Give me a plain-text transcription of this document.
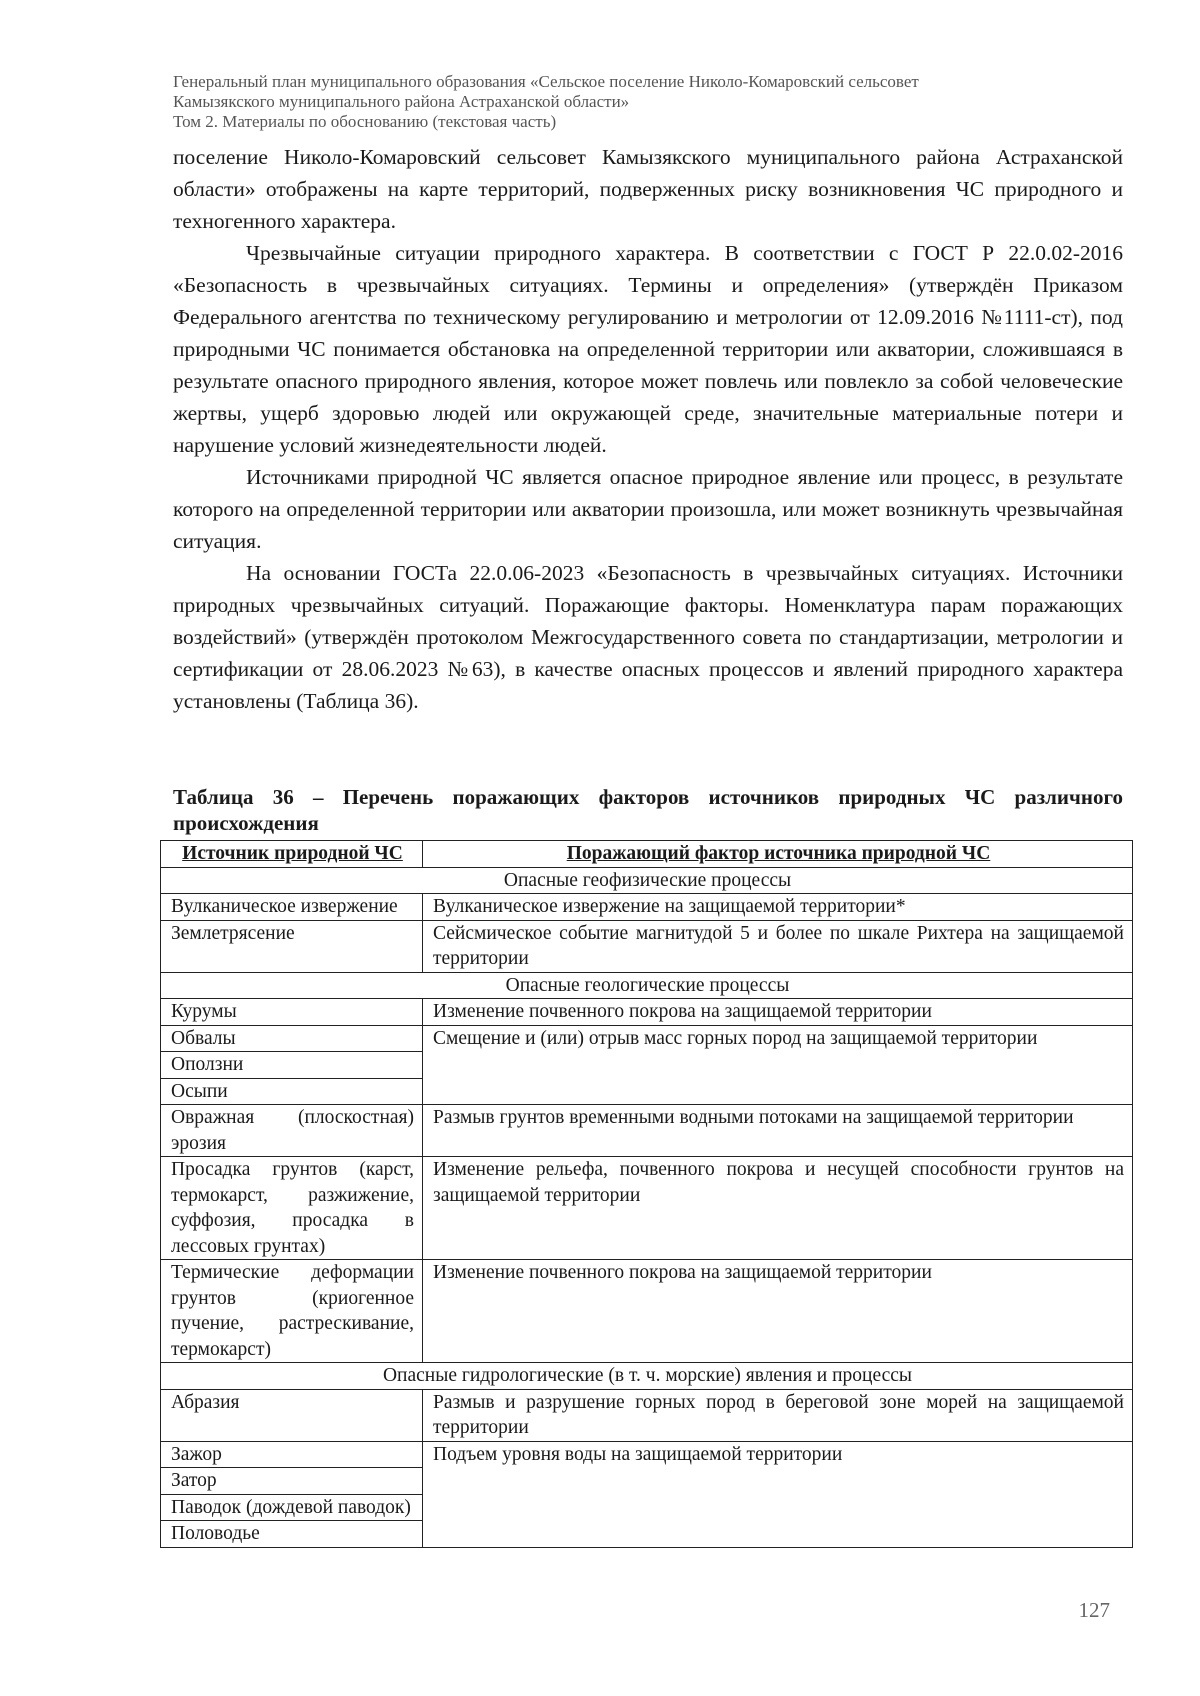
Генеральный план муниципального образования «Сельское поселение Николо-Комаровский сельсовет
Камызякского муниципального района Астраханской области»
Том 2. Материалы по обоснованию (текстовая часть)

поселение Николо-Комаровский сельсовет Камызякского муниципального района Астраханской области» отображены на карте территорий, подверженных риску возникновения ЧС природного и техногенного характера.

Чрезвычайные ситуации природного характера. В соответствии с ГОСТ Р 22.0.02-2016 «Безопасность в чрезвычайных ситуациях. Термины и определения» (утверждён Приказом Федерального агентства по техническому регулированию и метрологии от 12.09.2016 №1111-ст), под природными ЧС понимается обстановка на определенной территории или акватории, сложившаяся в результате опасного природного явления, которое может повлечь или повлекло за собой человеческие жертвы, ущерб здоровью людей или окружающей среде, значительные материальные потери и нарушение условий жизнедеятельности людей.

Источниками природной ЧС является опасное природное явление или процесс, в результате которого на определенной территории или акватории произошла, или может возникнуть чрезвычайная ситуация.

На основании ГОСТа 22.0.06-2023 «Безопасность в чрезвычайных ситуациях. Источники природных чрезвычайных ситуаций. Поражающие факторы. Номенклатура парам поражающих воздействий» (утверждён протоколом Межгосударственного совета по стандартизации, метрологии и сертификации от 28.06.2023 №63), в качестве опасных процессов и явлений природного характера установлены (Таблица 36).

Таблица 36 – Перечень поражающих факторов источников природных ЧС различного происхождения
Источник природной ЧС	Поражающий фактор источника природной ЧС
Опасные геофизические процессы	
Вулканическое извержение	Вулканическое извержение на защищаемой территории*
Землетрясение	Сейсмическое событие магнитудой 5 и более по шкале Рихтера на защищаемой территории
Опасные геологические процессы	
Курумы	Изменение почвенного покрова на защищаемой территории
Обвалы	Смещение и (или) отрыв масс горных пород на защищаемой территории
Оползни	
Осыпи	
Овражная (плоскостная) эрозия	Размыв грунтов временными водными потоками на защищаемой территории
Просадка грунтов (карст, термокарст, разжижение, суффозия, просадка в лессовых грунтах)	Изменение рельефа, почвенного покрова и несущей способности грунтов на защищаемой территории
Термические деформации грунтов (криогенное пучение, растрескивание, термокарст)	Изменение почвенного покрова на защищаемой территории
Опасные гидрологические (в т. ч. морские) явления и процессы	
Абразия	Размыв и разрушение горных пород в береговой зоне морей на защищаемой территории
Зажор	Подъем уровня воды на защищаемой территории
Затор	
Паводок (дождевой паводок)	
Половодье	
127
